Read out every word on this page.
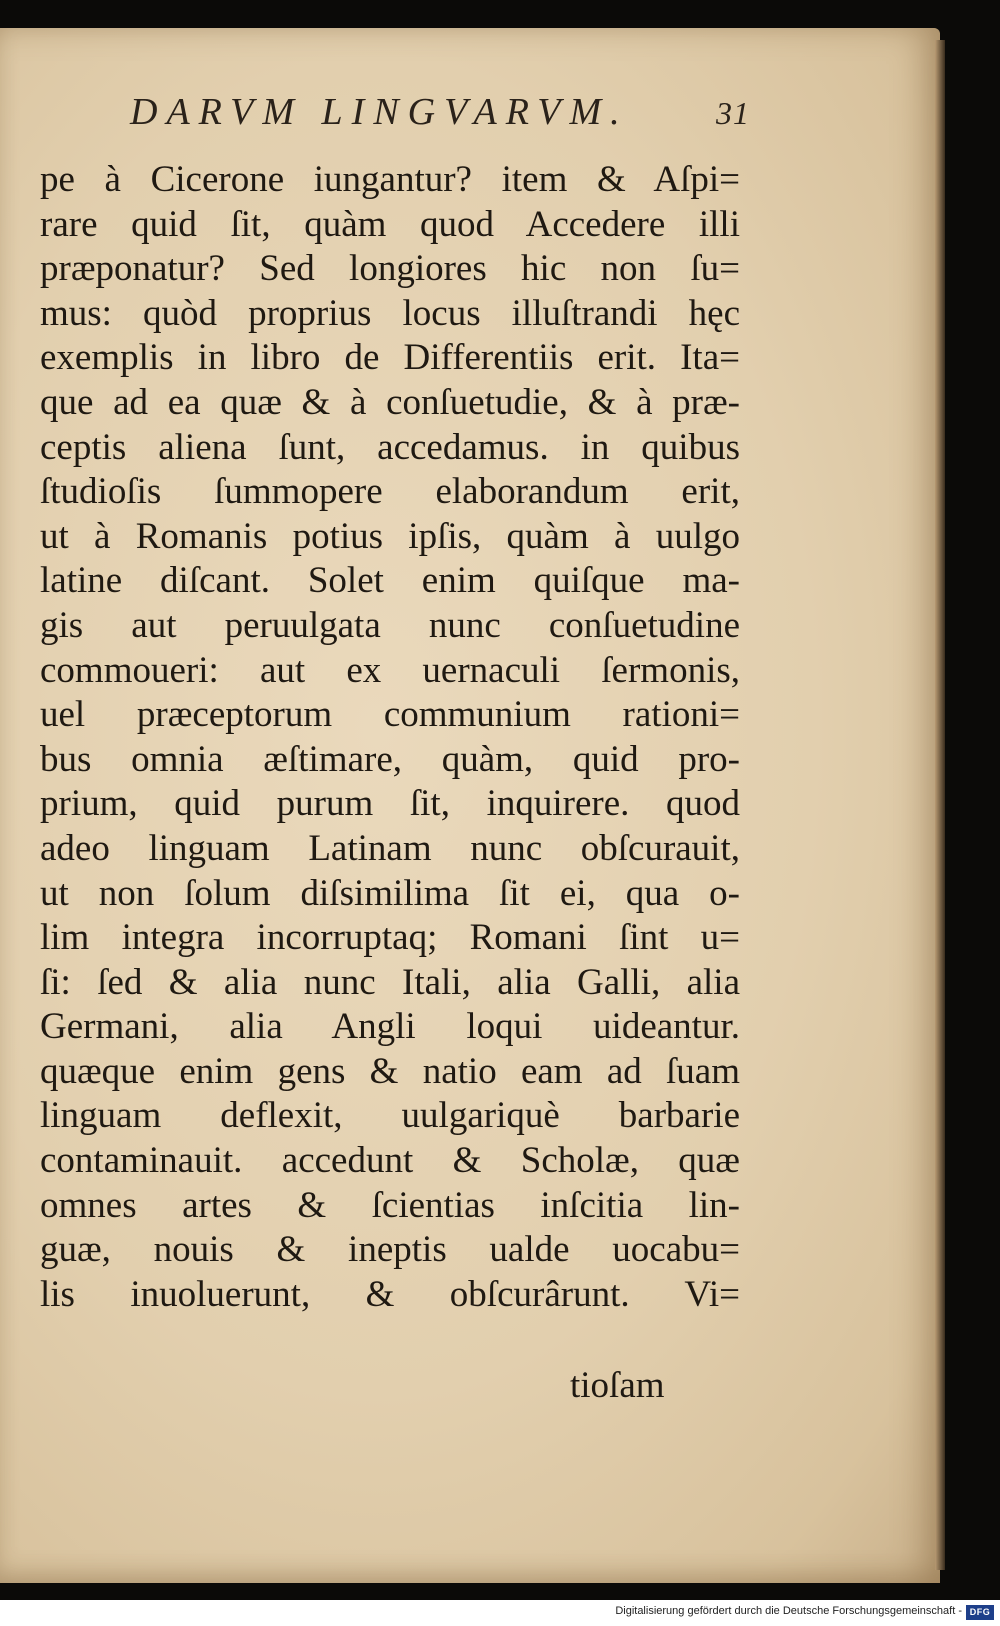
DARVM LINGVARVM.	31
pe à Cicerone iungantur? item & Aſpi=
rare quid ſit, quàm quod Accedere illi
præponatur? Sed longiores hic non ſu=
mus: quòd proprius locus illuſtrandi hęc
exemplis in libro de Differentiis erit. Ita=
que ad ea quæ & à conſuetudie, & à præ-
ceptis aliena ſunt, accedamus. in quibus
ſtudioſis ſummopere elaborandum erit,
ut à Romanis potius ipſis, quàm à uulgo
latine diſcant. Solet enim quiſque ma-
gis aut peruulgata nunc conſuetudine
commoueri: aut ex uernaculi ſermonis,
uel præceptorum communium rationi=
bus omnia æſtimare, quàm, quid pro-
prium, quid purum ſit, inquirere. quod
adeo linguam Latinam nunc obſcurauit,
ut non ſolum diſsimilima ſit ei, qua o-
lim integra incorruptaq; Romani ſint u=
ſi: ſed & alia nunc Itali, alia Galli, alia
Germani, alia Angli loqui uideantur.
quæque enim gens & natio eam ad ſuam
linguam deflexit, uulgariquè barbarie
contaminauit. accedunt & Scholæ, quæ
omnes artes & ſcientias inſcitia lin-
guæ, nouis & ineptis ualde uocabu=
lis inuoluerunt, & obſcurârunt. Vi=
tioſam
Digitalisierung gefördert durch die Deutsche Forschungsgemeinschaft - DFG
